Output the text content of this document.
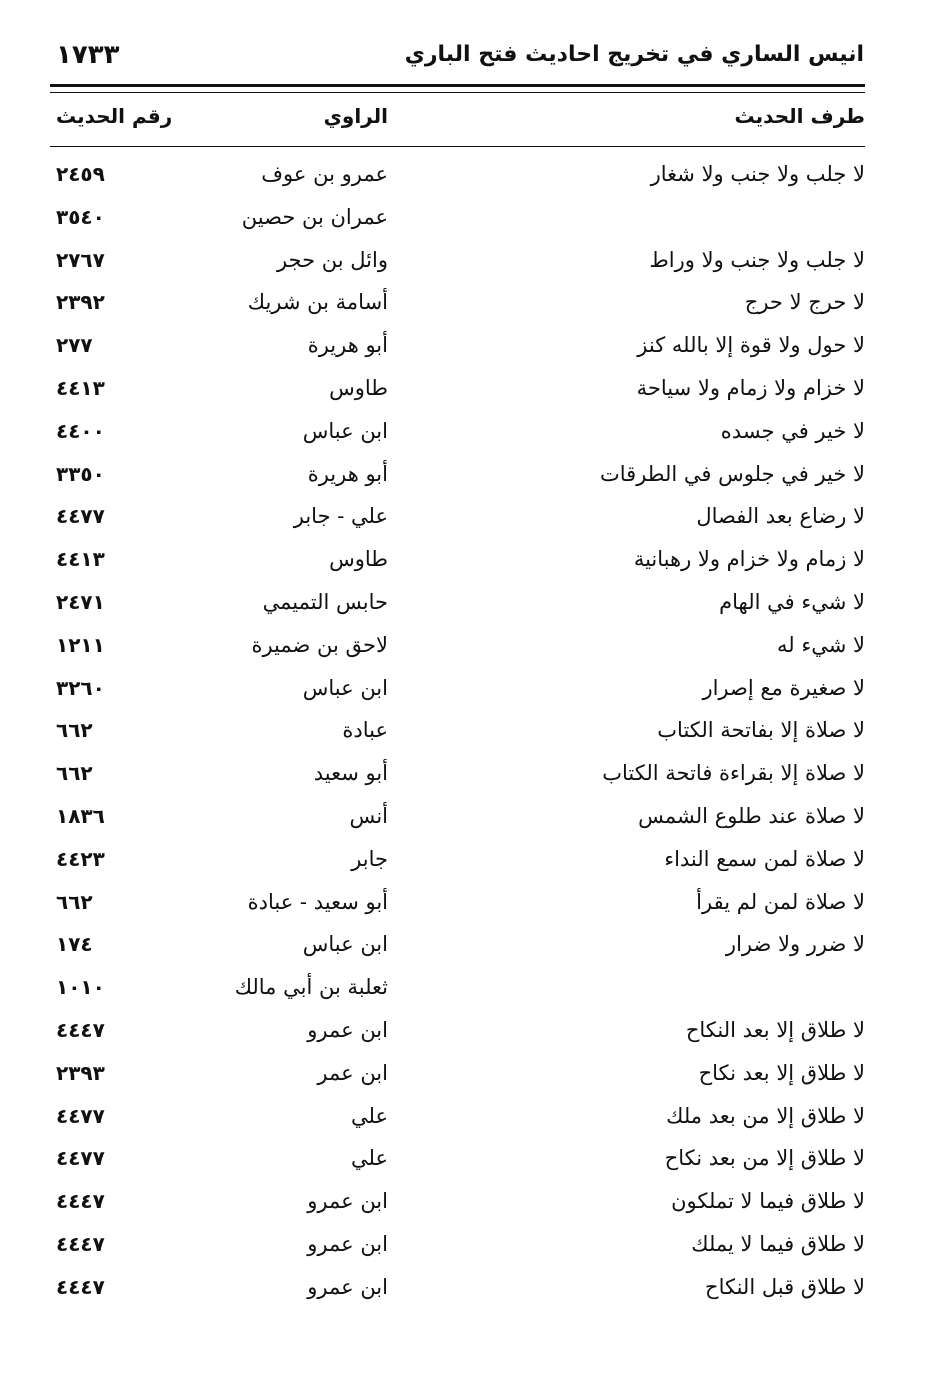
انيس الساري في تخريج احاديث فتح الباري
١٧٣٣
طرف الحديث
الراوي
رقم الحديث
لا جلب ولا جنب ولا شغار
عمرو بن عوف
٢٤٥٩
عمران بن حصين
٣٥٤٠
لا جلب ولا جنب ولا وراط
وائل بن حجر
٢٧٦٧
لا حرج لا حرج
أسامة بن شريك
٢٣٩٢
لا حول ولا قوة إلا بالله كنز
أبو هريرة
٢٧٧
لا خزام ولا زمام ولا سياحة
طاوس
٤٤١٣
لا خير في جسده
ابن عباس
٤٤٠٠
لا خير في جلوس في الطرقات
أبو هريرة
٣٣٥٠
لا رضاع بعد الفصال
علي - جابر
٤٤٧٧
لا زمام ولا خزام ولا رهبانية
طاوس
٤٤١٣
لا شيء في الهام
حابس التميمي
٢٤٧١
لا شيء له
لاحق بن ضميرة
١٢١١
لا صغيرة مع إصرار
ابن عباس
٣٢٦٠
لا صلاة إلا بفاتحة الكتاب
عبادة
٦٦٢
لا صلاة إلا بقراءة فاتحة الكتاب
أبو سعيد
٦٦٢
لا صلاة عند طلوع الشمس
أنس
١٨٣٦
لا صلاة لمن سمع النداء
جابر
٤٤٢٣
لا صلاة لمن لم يقرأ
أبو سعيد - عبادة
٦٦٢
لا ضرر ولا ضرار
ابن عباس
١٧٤
ثعلبة بن أبي مالك
١٠١٠
لا طلاق إلا بعد النكاح
ابن عمرو
٤٤٤٧
لا طلاق إلا بعد نكاح
ابن عمر
٢٣٩٣
لا طلاق إلا من بعد ملك
علي
٤٤٧٧
لا طلاق إلا من بعد نكاح
علي
٤٤٧٧
لا طلاق فيما لا تملكون
ابن عمرو
٤٤٤٧
لا طلاق فيما لا يملك
ابن عمرو
٤٤٤٧
لا طلاق قبل النكاح
ابن عمرو
٤٤٤٧
